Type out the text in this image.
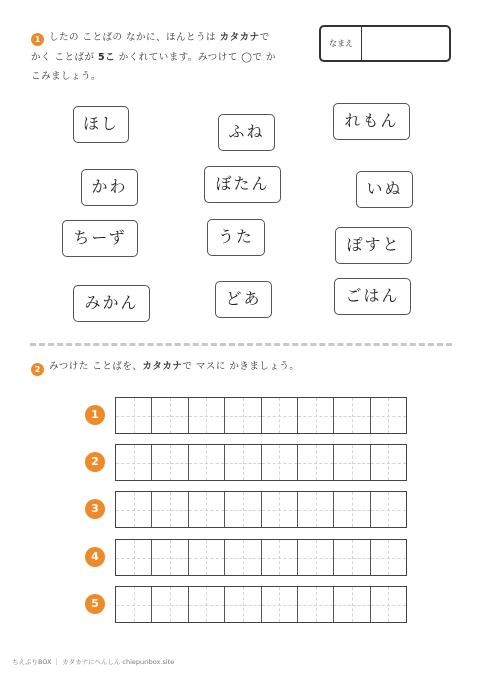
1 したの ことばの なかに、ほんとうは カタカナで
かく ことばが 5こ かくれています。みつけて ◯で か
こみましょう。
なまえ
ほし	ふね
れもん
かわ	ぼたん	いぬ
ちーず	うた	ぽすと
みかん	どあ	ごはん
2 みつけた ことばを、カタカナで マスに かきましょう。
1
2
3
4
5
ちえぷりBOX ｜ カタカナにへんしん chiepuribox.site
